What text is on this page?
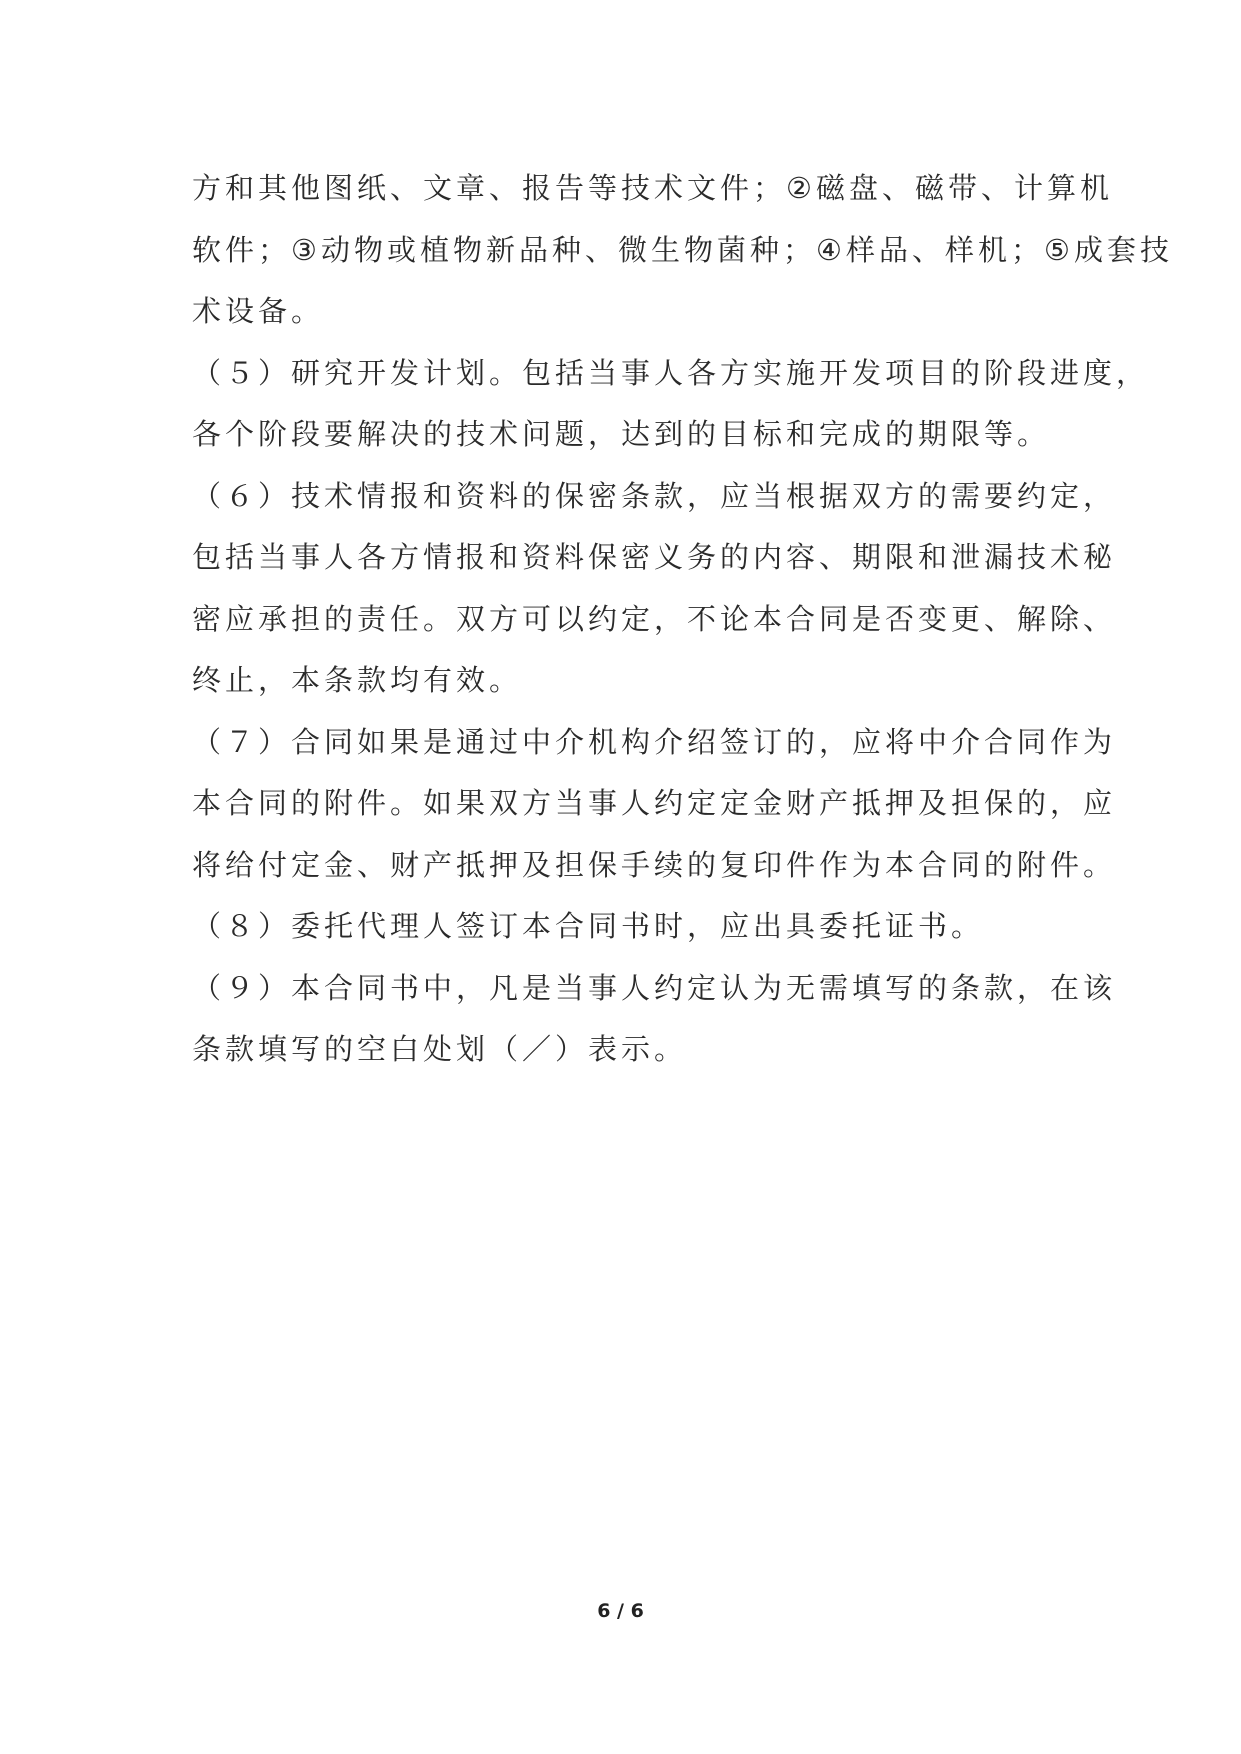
方和其他图纸、文章、报告等技术文件；②磁盘、磁带、计算机
软件；③动物或植物新品种、微生物菌种；④样品、样机；⑤成套技
术设备。
（５）研究开发计划。包括当事人各方实施开发项目的阶段进度，
各个阶段要解决的技术问题，达到的目标和完成的期限等。
（６）技术情报和资料的保密条款，应当根据双方的需要约定，
包括当事人各方情报和资料保密义务的内容、期限和泄漏技术秘
密应承担的责任。双方可以约定，不论本合同是否变更、解除、
终止，本条款均有效。
（７）合同如果是通过中介机构介绍签订的，应将中介合同作为
本合同的附件。如果双方当事人约定定金财产抵押及担保的，应
将给付定金、财产抵押及担保手续的复印件作为本合同的附件。
（８）委托代理人签订本合同书时，应出具委托证书。
（９）本合同书中，凡是当事人约定认为无需填写的条款，在该
条款填写的空白处划（／）表示。
6 / 6
